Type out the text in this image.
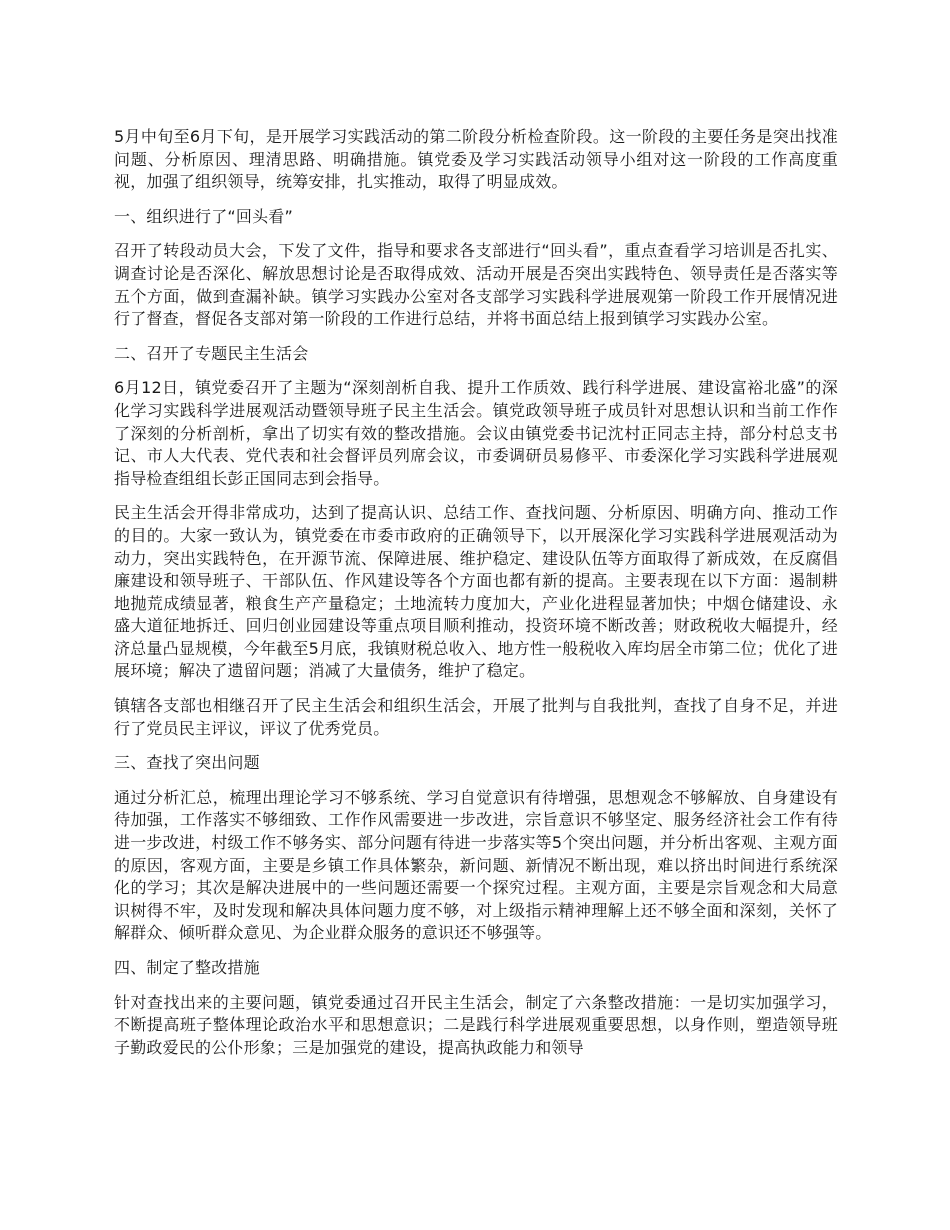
5月中旬至6月下旬，是开展学习实践活动的第二阶段分析检查阶段。这一阶段的主要任务是突出找准问题、分析原因、理清思路、明确措施。镇党委及学习实践活动领导小组对这一阶段的工作高度重视，加强了组织领导，统筹安排，扎实推动，取得了明显成效。

一、组织进行了“回头看”

召开了转段动员大会，下发了文件，指导和要求各支部进行“回头看”，重点查看学习培训是否扎实、调查讨论是否深化、解放思想讨论是否取得成效、活动开展是否突出实践特色、领导责任是否落实等五个方面，做到查漏补缺。镇学习实践办公室对各支部学习实践科学进展观第一阶段工作开展情况进行了督查，督促各支部对第一阶段的工作进行总结，并将书面总结上报到镇学习实践办公室。

二、召开了专题民主生活会

6月12日，镇党委召开了主题为“深刻剖析自我、提升工作质效、践行科学进展、建设富裕北盛”的深化学习实践科学进展观活动暨领导班子民主生活会。镇党政领导班子成员针对思想认识和当前工作作了深刻的分析剖析，拿出了切实有效的整改措施。会议由镇党委书记沈村正同志主持，部分村总支书记、市人大代表、党代表和社会督评员列席会议，市委调研员易修平、市委深化学习实践科学进展观指导检查组组长彭正国同志到会指导。

民主生活会开得非常成功，达到了提高认识、总结工作、查找问题、分析原因、明确方向、推动工作的目的。大家一致认为，镇党委在市委市政府的正确领导下，以开展深化学习实践科学进展观活动为动力，突出实践特色，在开源节流、保障进展、维护稳定、建设队伍等方面取得了新成效，在反腐倡廉建设和领导班子、干部队伍、作风建设等各个方面也都有新的提高。主要表现在以下方面：遏制耕地抛荒成绩显著，粮食生产产量稳定；土地流转力度加大，产业化进程显著加快；中烟仓储建设、永盛大道征地拆迁、回归创业园建设等重点项目顺利推动，投资环境不断改善；财政税收大幅提升，经济总量凸显规模，今年截至5月底，我镇财税总收入、地方性一般税收入库均居全市第二位；优化了进展环境；解决了遗留问题；消减了大量债务，维护了稳定。

镇辖各支部也相继召开了民主生活会和组织生活会，开展了批判与自我批判，查找了自身不足，并进行了党员民主评议，评议了优秀党员。

三、查找了突出问题

通过分析汇总，梳理出理论学习不够系统、学习自觉意识有待增强，思想观念不够解放、自身建设有待加强，工作落实不够细致、工作作风需要进一步改进，宗旨意识不够坚定、服务经济社会工作有待进一步改进，村级工作不够务实、部分问题有待进一步落实等5个突出问题，并分析出客观、主观方面的原因，客观方面，主要是乡镇工作具体繁杂，新问题、新情况不断出现，难以挤出时间进行系统深化的学习；其次是解决进展中的一些问题还需要一个探究过程。主观方面，主要是宗旨观念和大局意识树得不牢，及时发现和解决具体问题力度不够，对上级指示精神理解上还不够全面和深刻，关怀了解群众、倾听群众意见、为企业群众服务的意识还不够强等。

四、制定了整改措施

针对查找出来的主要问题，镇党委通过召开民主生活会，制定了六条整改措施：一是切实加强学习，不断提高班子整体理论政治水平和思想意识；二是践行科学进展观重要思想，以身作则，塑造领导班子勤政爱民的公仆形象；三是加强党的建设，提高执政能力和领导
